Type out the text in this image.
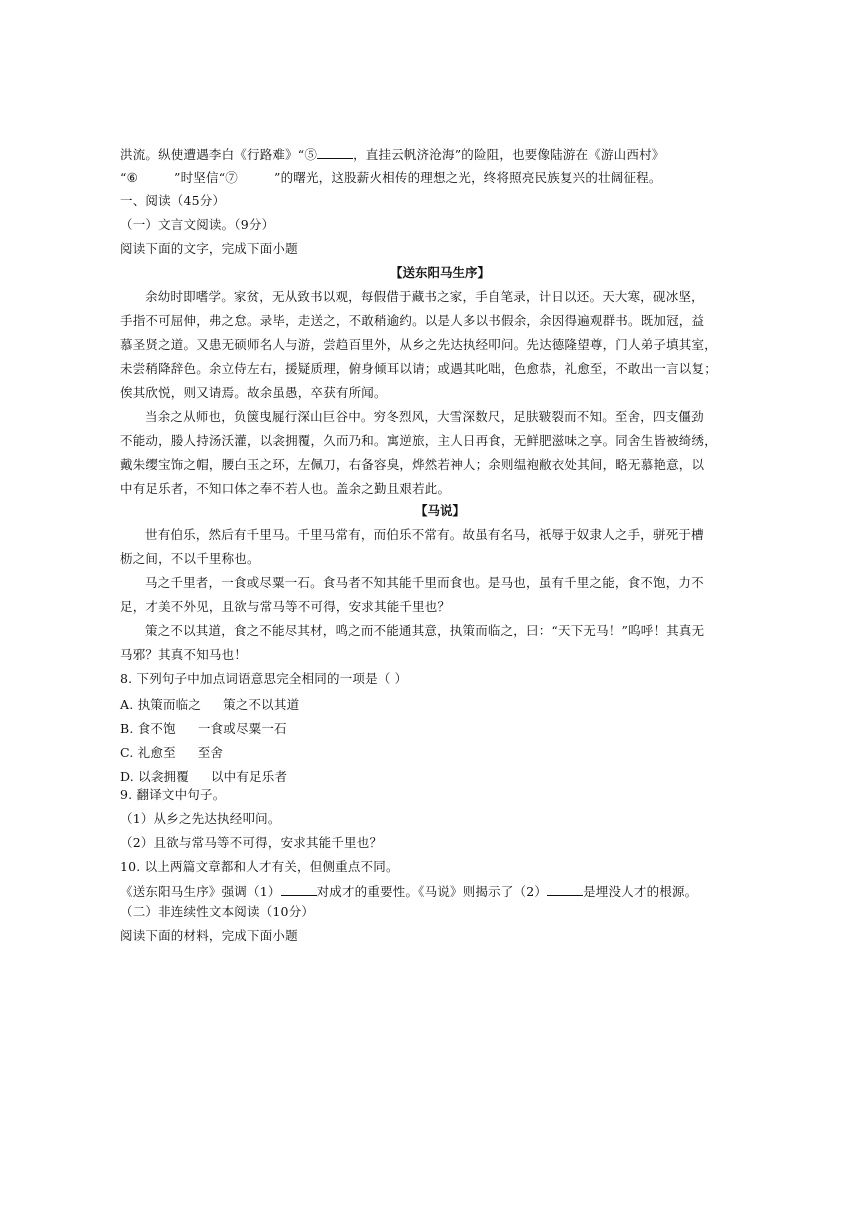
洪流。纵使遭遇李白《行路难》“⑤	，直挂云帆济沧海”的险阻，也要像陆游在《游山西村》
“⑥	”时坚信“⑦	”的曙光，这股薪火相传的理想之光，终将照亮民族复兴的壮阔征程。
一、阅读（45分）
（一）文言文阅读。（9分）
阅读下面的文字，完成下面小题
【送东阳马生序】
余幼时即嗜学。家贫，无从致书以观，每假借于藏书之家，手自笔录，计日以还。天大寒，砚冰坚，
手指不可屈伸，弗之怠。录毕，走送之，不敢稍逾约。以是人多以书假余，余因得遍观群书。既加冠，益
慕圣贤之道。又患无硕师名人与游，尝趋百里外，从乡之先达执经叩问。先达德隆望尊，门人弟子填其室，
未尝稍降辞色。余立侍左右，援疑质理，俯身倾耳以请；或遇其叱咄，色愈恭，礼愈至，不敢出一言以复；
俟其欣悦，则又请焉。故余虽愚，卒获有所闻。
当余之从师也，负箧曳屣行深山巨谷中。穷冬烈风，大雪深数尺，足肤皲裂而不知。至舍，四支僵劲
不能动，媵人持汤沃灌，以衾拥覆，久而乃和。寓逆旅，主人日再食，无鲜肥滋味之享。同舍生皆被绮绣，
戴朱缨宝饰之帽，腰白玉之环，左佩刀，右备容臭，烨然若神人；余则缊袍敝衣处其间，略无慕艳意，以
中有足乐者，不知口体之奉不若人也。盖余之勤且艰若此。
【马说】
世有伯乐，然后有千里马。千里马常有，而伯乐不常有。故虽有名马，祇辱于奴隶人之手，骈死于槽
枥之间，不以千里称也。
马之千里者，一食或尽粟一石。食马者不知其能千里而食也。是马也，虽有千里之能，食不饱，力不
足，才美不外见，且欲与常马等不可得，安求其能千里也？
策之不以其道，食之不能尽其材，鸣之而不能通其意，执策而临之，曰：“天下无马！”呜呼！其真无
马邪？其真不知马也！
8. 下列句子中加点词语意思完全相同的一项是（ ）
A. 执策而临之 策之不以其道
B. 食不饱 一食或尽粟一石
C. 礼愈至 至舍
D. 以衾拥覆 以中有足乐者
9. 翻译文中句子。
（1）从乡之先达执经叩问。
（2）且欲与常马等不可得，安求其能千里也？
10. 以上两篇文章都和人才有关，但侧重点不同。
《送东阳马生序》强调（1）	对成才的重要性。《马说》则揭示了（2）	是埋没人才的根源。
（二）非连续性文本阅读（10分）
阅读下面的材料，完成下面小题
